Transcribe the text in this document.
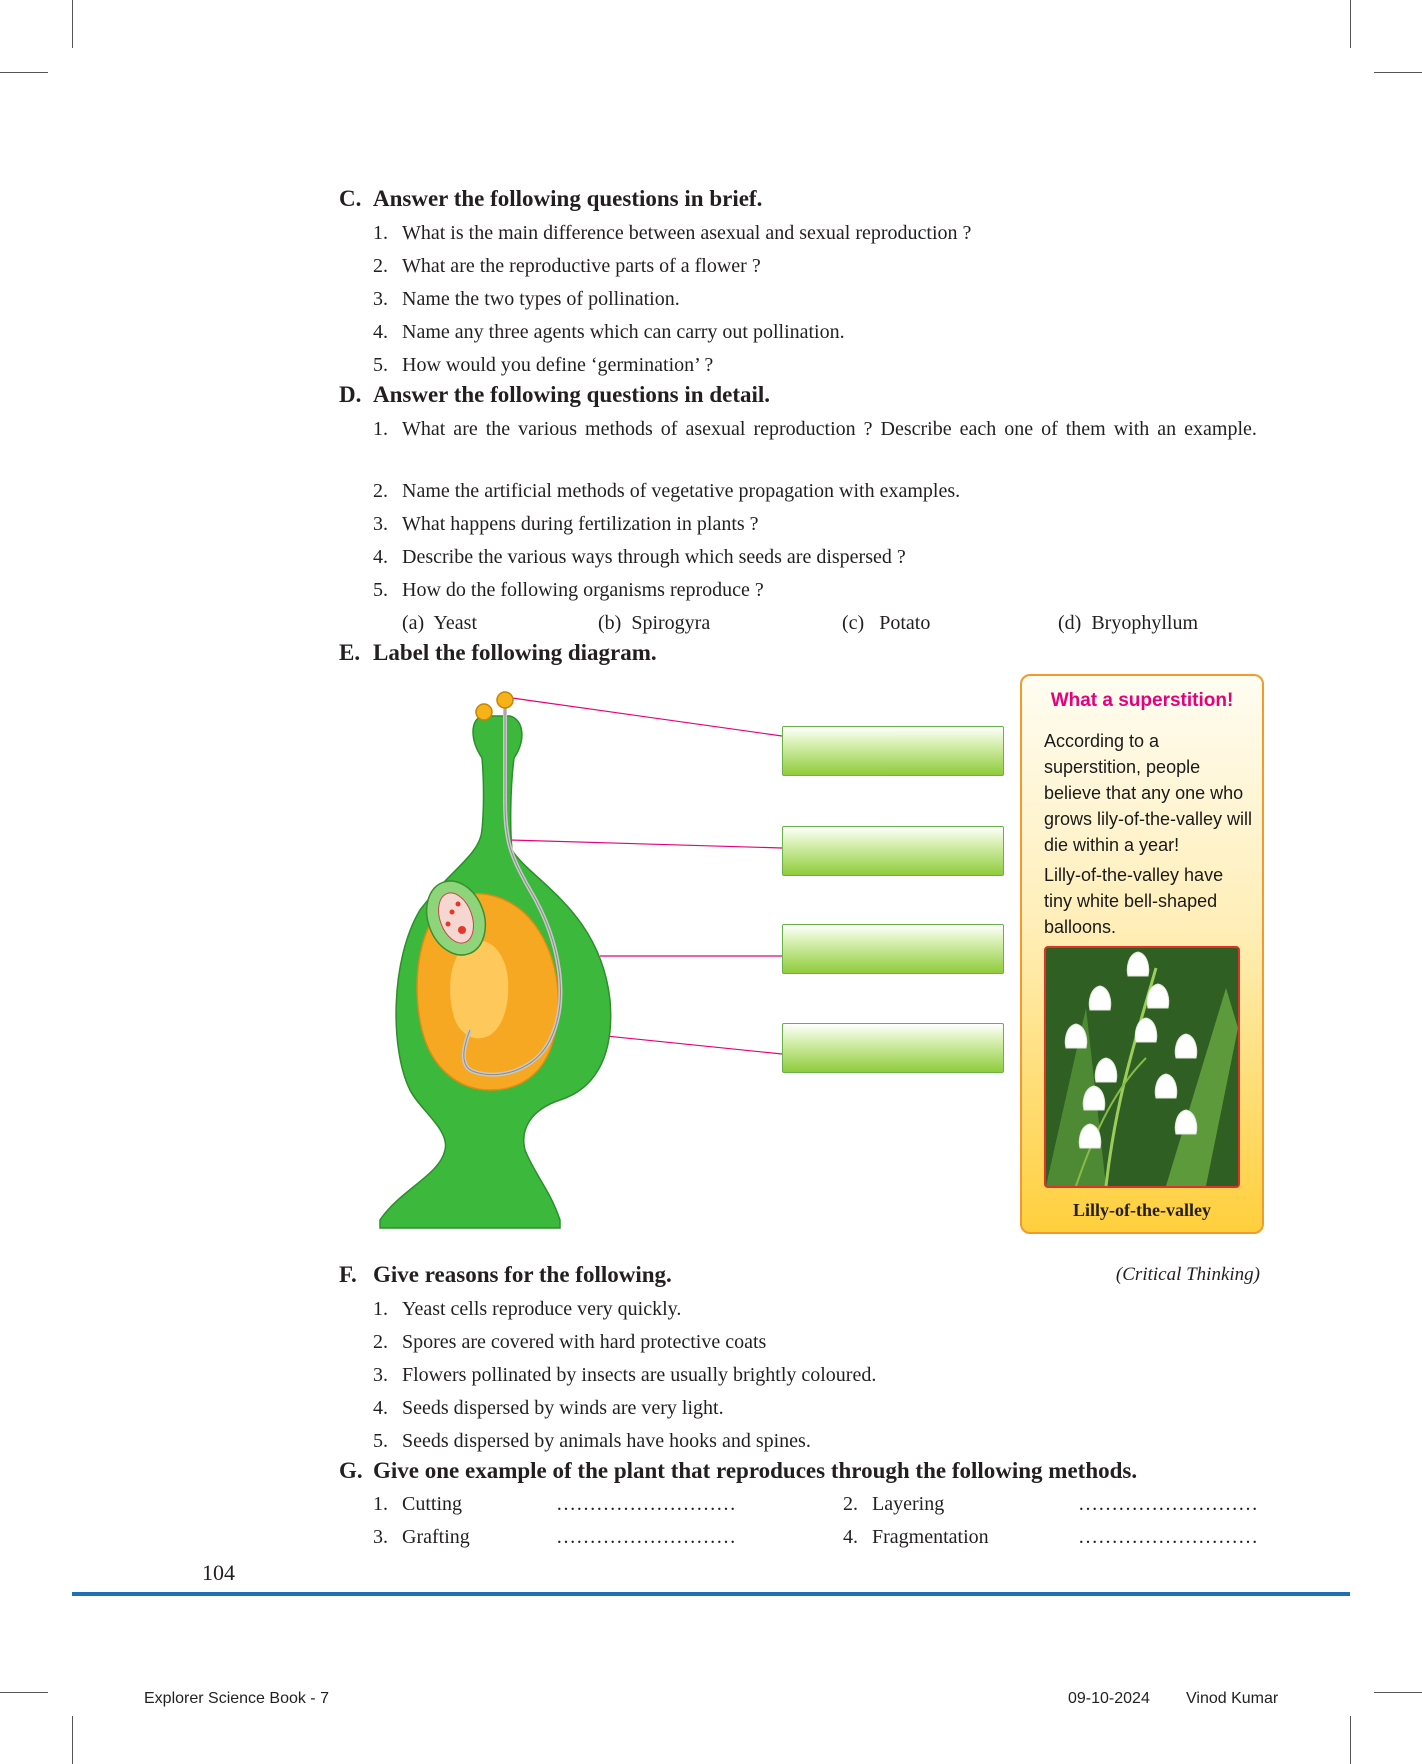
C. Answer the following questions in brief.
1. What is the main difference between asexual and sexual reproduction ?
2. What are the reproductive parts of a flower ?
3. Name the two types of pollination.
4. Name any three agents which can carry out pollination.
5. How would you define ‘germination’ ?
D. Answer the following questions in detail.
1. What are the various methods of asexual reproduction ? Describe each one of them with an example.
2. Name the artificial methods of vegetative propagation with examples.
3. What happens during fertilization in plants ?
4. Describe the various ways through which seeds are dispersed ?
5. How do the following organisms reproduce ?
(a) Yeast	(b) Spirogyra	(c) Potato	(d) Bryophyllum
E. Label the following diagram.
What a superstition!
According to a superstition, people believe that any one who grows lily-of-the-valley will die within a year!
Lilly-of-the-valley have tiny white bell-shaped balloons.
Lilly-of-the-valley
F. Give reasons for the following.	(Critical Thinking)
1. Yeast cells reproduce very quickly.
2. Spores are covered with hard protective coats
3. Flowers pollinated by insects are usually brightly coloured.
4. Seeds dispersed by winds are very light.
5. Seeds dispersed by animals have hooks and spines.
G. Give one example of the plant that reproduces through the following methods.
1. Cutting	………………………	2. Layering	………………………
3. Grafting	………………………	4. Fragmentation	………………………
104
Explorer Science Book - 7	09-10-2024 Vinod Kumar
